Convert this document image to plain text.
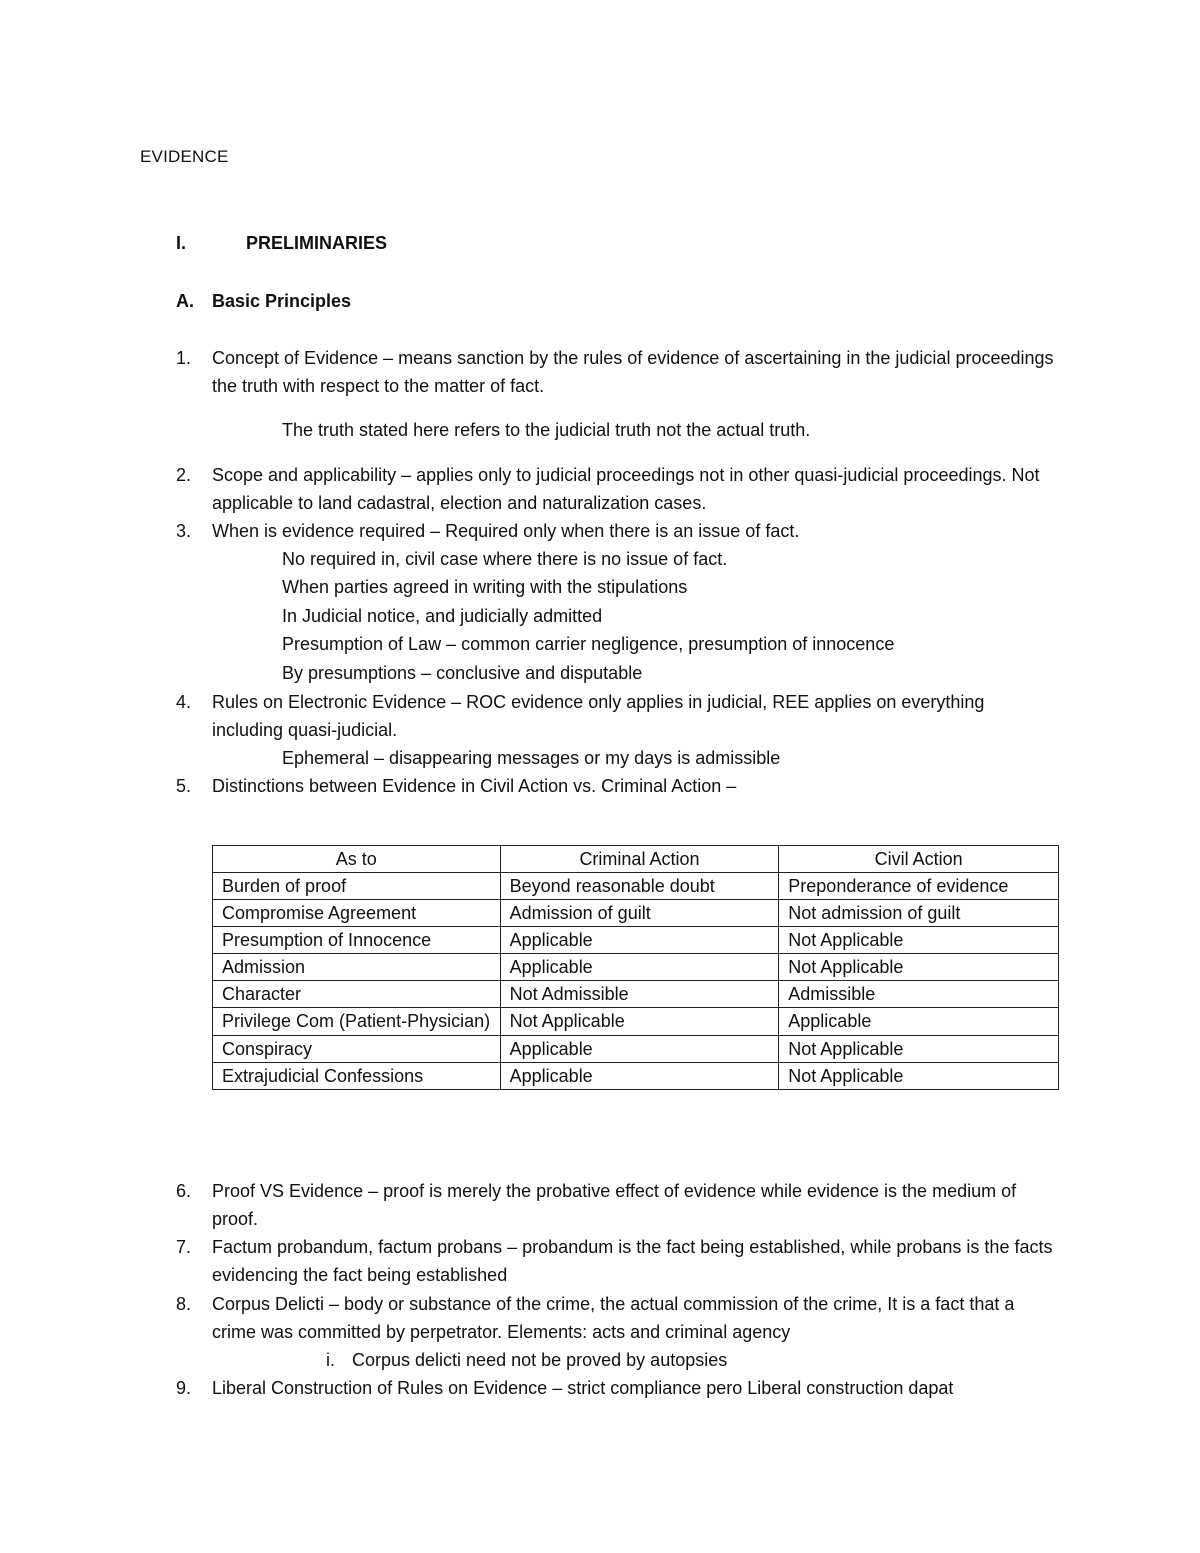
EVIDENCE
I.	PRELIMINARIES
A.	Basic Principles
1.	Concept of Evidence – means sanction by the rules of evidence of ascertaining in the judicial proceedings the truth with respect to the matter of fact.
The truth stated here refers to the judicial truth not the actual truth.
2.	Scope and applicability – applies only to judicial proceedings not in other quasi-judicial proceedings. Not applicable to land cadastral, election and naturalization cases.
3.	When is evidence required – Required only when there is an issue of fact.
No required in, civil case where there is no issue of fact.
When parties agreed in writing with the stipulations
In Judicial notice, and judicially admitted
Presumption of Law – common carrier negligence, presumption of innocence
By presumptions – conclusive and disputable
4.	Rules on Electronic Evidence – ROC evidence only applies in judicial, REE applies on everything including quasi-judicial.
Ephemeral – disappearing messages or my days is admissible
5.	Distinctions between Evidence in Civil Action vs. Criminal Action –
As to	Criminal Action	Civil Action
Burden of proof	Beyond reasonable doubt	Preponderance of evidence
Compromise Agreement	Admission of guilt	Not admission of guilt
Presumption of Innocence	Applicable	Not Applicable
Admission	Applicable	Not Applicable
Character	Not Admissible	Admissible
Privilege Com (Patient-Physician)	Not Applicable	Applicable
Conspiracy	Applicable	Not Applicable
Extrajudicial Confessions	Applicable	Not Applicable
6.	Proof VS Evidence – proof is merely the probative effect of evidence while evidence is the medium of proof.
7.	Factum probandum, factum probans – probandum is the fact being established, while probans is the facts evidencing the fact being established
8.	Corpus Delicti – body or substance of the crime, the actual commission of the crime, It is a fact that a crime was committed by perpetrator. Elements: acts and criminal agency
i. Corpus delicti need not be proved by autopsies
9.	Liberal Construction of Rules on Evidence – strict compliance pero Liberal construction dapat
